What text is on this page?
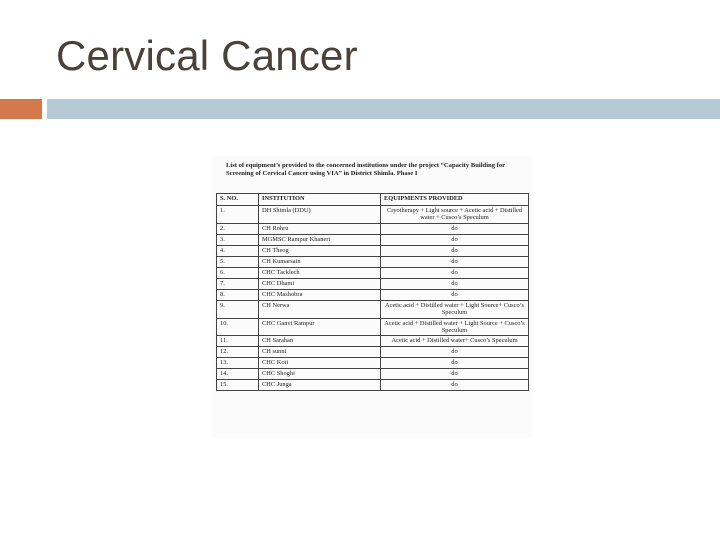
Cervical Cancer
List of equipment’s provided to the concerned institutions under the project “Capacity Building for Screening of Cervical Cancer using VIA” in District Shimla. Phase I
S. NO.	INSTITUTION	EQUIPMENTS PROVIDED
1.	DH Shimla (DDU)	Cryotherapy + Light source + Acetic acid + Distilled water + Cusco’s Speculum
2.	CH Rohru	do
3.	MGMSC Rampur Khaneri	do
4.	CH Theog	do
5.	CH Kumarsain	do
6.	CHC Tacklech	do
7.	CHC Dhami	do
8.	CHC Mashobra	do
9.	CH Nerwa	Acetic acid + Distilled water + Light Source+ Cusco’s Speculum
10.	CHC Ganvi Rampur	Acetic acid + Distilled water + Light Source + Cusco’s Speculum
11.	CH Sarahan	Acetic acid + Distilled water+ Cusco’s Speculum
12.	CH sunni	do
13.	CHC Koti	do
14.	CHC Shoghi	do
15.	CHC Junga	do
